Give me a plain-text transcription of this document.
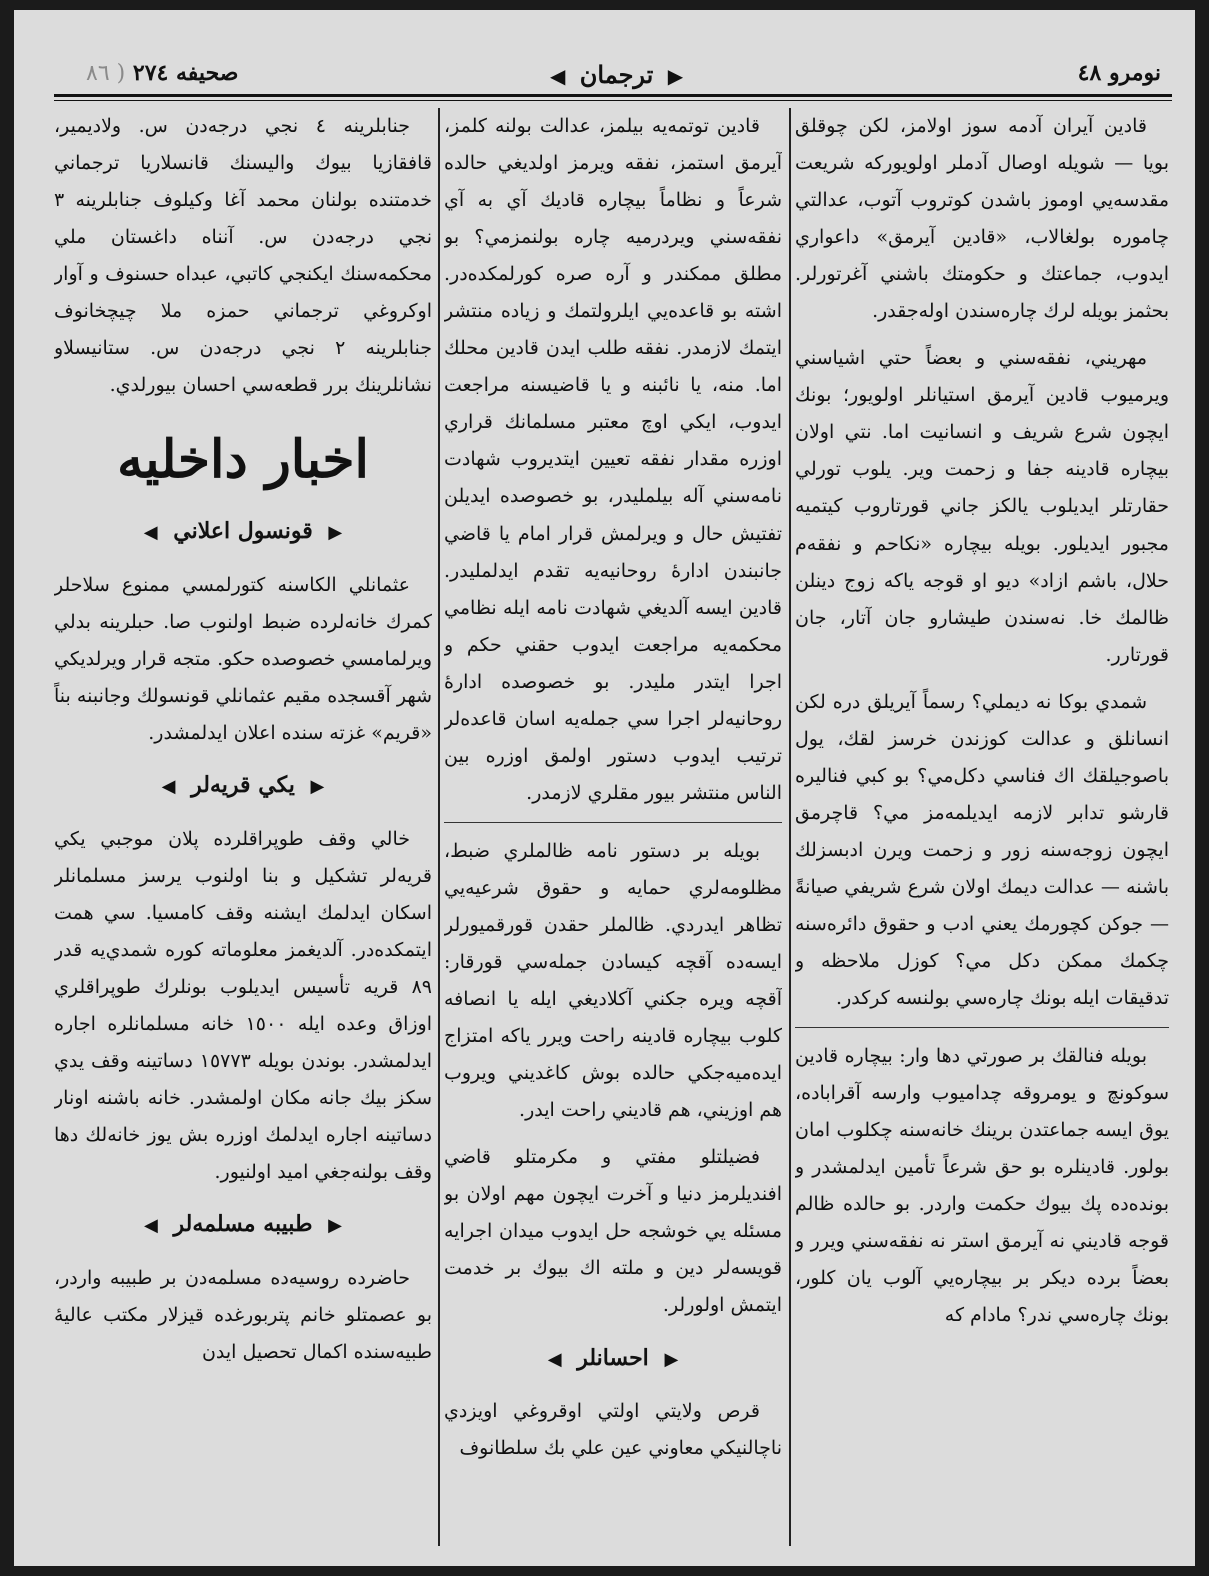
نومرو ٤٨
▶ ترجمان ◀
صحيفه ٢٧٤ ( ٨٦

قادين آيران آدمه سوز اولامز، لكن چوقلق بويا — شويله اوصال آدملر اولويوركه شريعت مقدسه‌يي اوموز باشدن كوتروب آتوب، عدالتي چاموره بولغالاب، «قادين آيرمق» داعواري ايدوب، جماعتك و حكومتك باشني آغرتورلر. بحثمز بويله لرك چاره‌سندن اوله‌جقدر.

مهريني، نفقه‌سني و بعضاً حتي اشياسني ويرميوب قادين آيرمق استيانلر اولويور؛ بونك ايچون شرع شريف و انسانيت اما. نتي اولان بيچاره قادينه جفا و زحمت وير. يلوب تورلي حقارتلر ايديلوب يالكز جاني قورتاروب كيتميه مجبور ايديلور. بويله بيچاره «نكاحم و نفقه‌م حلال، باشم ازاد» ديو او قوجه ياكه زوج دينلن ظالمك خا. نه‌سندن طيشارو جان آتار، جان قورتارر.

شمدي بوكا نه ديملي؟ رسماً آيريلق دره لكن انسانلق و عدالت كوزندن خرسز لقك، يول باصوجيلقك اك فناسي دكل‌مي؟ بو كبي فناليره قارشو تدابر لازمه ايديلمه‌مز مي؟ قاچرمق ايچون زوجه‌سنه زور و زحمت ويرن ادبسزلك باشنه — عدالت ديمك اولان شرع شريفي صيانةً — جوكن كچورمك يعني ادب و حقوق دائره‌سنه چكمك ممكن دكل مي؟ كوزل ملاحظه و تدقيقات ايله بونك چاره‌سي بولنسه كركدر.

بويله فنالقك بر صورتي دها وار: بيچاره قادين سوكونچ و يومروقه چداميوب وارسه آقراباده، يوق ايسه جماعتدن برينك خانه‌سنه چكلوب امان بولور. قادينلره بو حق شرعاً تأمين ايدلمشدر و بونده‌ده پك بيوك حكمت واردر. بو حالده ظالم قوجه قاديني نه آيرمق استر نه نفقه‌سني ويرر و بعضاً برده ديكر بر بيچاره‌يي آلوب يان كلور، بونك چاره‌سي ندر؟ مادام كه

قادين توتمه‌يه بيلمز، عدالت بولنه كلمز، آيرمق استمز، نفقه ويرمز اولديغي حالده شرعاً و نظاماً بيچاره قاديك آي به آي نفقه‌سني ويردرميه چاره بولنمزمي؟ بو مطلق ممكندر و آره صره كورلمكده‌در. اشته بو قاعده‌يي ايلرولتمك و زياده منتشر ايتمك لازمدر. نفقه طلب ايدن قادين محلك اما. منه، يا نائبنه و يا قاضيسنه مراجعت ايدوب، ايكي اوچ معتبر مسلمانك قراري اوزره مقدار نفقه تعيين ايتديروب شهادت نامه‌سني آله بيلمليدر، بو خصوصده ايديلن تفتيش حال و ويرلمش قرار امام يا قاضي جانبندن ادارهٔ روحانيه‌يه تقدم ايدلمليدر. قادين ايسه آلديغي شهادت نامه ايله نظامي محكمه‌يه مراجعت ايدوب حقني حكم و اجرا ايتدر مليدر. بو خصوصده ادارهٔ روحانيه‌لر اجرا سي جمله‌يه اسان قاعده‌لر ترتيب ايدوب دستور اولمق اوزره بين الناس منتشر بيور مقلري لازمدر.

بويله بر دستور نامه ظالملري ضبط، مظلومه‌لري حمايه و حقوق شرعيه‌يي تظاهر ايدردي. ظالملر حقدن قورقميورلر ايسه‌ده آقچه كيسادن جمله‌سي قورقار: آقچه ويره جكني آكلاديغي ايله يا انصافه كلوب بيچاره قادينه راحت ويرر ياكه امتزاج ايده‌ميه‌جكي حالده بوش كاغديني ويروب هم اوزيني، هم قاديني راحت ايدر.

فضيلتلو مفتي و مكرمتلو قاضي افنديلرمز دنيا و آخرت ايچون مهم اولان بو مسئله يي خوشجه حل ايدوب ميدان اجرايه قويسه‌لر دين و ملته اك بيوك بر خدمت ايتمش اولورلر.

▶ احسانلر ◀

قرص ولايتي اولتي اوقروغي اويزدي ناچالنيكي معاوني عين علي بك سلطانوف

جنابلرينه ٤ نجي درجه‌دن س. ولاديمير، قافقازيا بيوك واليسنك قانسلاريا ترجماني خدمتنده بولنان محمد آغا وكيلوف جنابلرينه ٣ نجي درجه‌دن س. آنناه داغستان ملي محكمه‌سنك ايكنجي كاتبي، عبداه حسنوف و آوار اوكروغي ترجماني حمزه ملا چيچخانوف جنابلرينه ٢ نجي درجه‌دن س. ستانيسلاو نشانلرينك برر قطعه‌سي احسان بيورلدي.

اخبار داخليه
▶ قونسول اعلاني ◀

عثمانلي الكاسنه كتورلمسي ممنوع سلاحلر كمرك خانه‌لرده ضبط اولنوب صا. حبلرينه بدلي ويرلمامسي خصوصده حكو. متجه قرار ويرلديكي شهر آقسجده مقيم عثمانلي قونسولك وجانبنه بناً «قريم» غزته سنده اعلان ايدلمشدر.

▶ يكي قريه‌لر ◀

خالي وقف طوپراقلرده پلان موجبي يكي قريه‌لر تشكيل و بنا اولنوب يرسز مسلمانلر اسكان ايدلمك ايشنه وقف كامسيا. سي همت ايتمكده‌در. آلديغمز معلوماته كوره شمدي‌يه قدر ٨٩ قريه تأسيس ايديلوب بونلرك طوپراقلري اوزاق وعده ايله ١٥٠٠ خانه مسلمانلره اجاره ايدلمشدر. بوندن بويله ١٥٧٧٣ دساتينه وقف يدي سكز بيك جانه مكان اولمشدر. خانه باشنه اونار دساتينه اجاره ايدلمك اوزره بش يوز خانه‌لك دها وقف بولنه‌جغي اميد اولنيور.

▶ طبيبه مسلمه‌لر ◀

حاضرده روسيه‌ده مسلمه‌دن بر طبيبه واردر، بو عصمتلو خانم پتربورغده قيزلار مكتب عاليهٔ طبيه‌سنده اكمال تحصيل ايدن
